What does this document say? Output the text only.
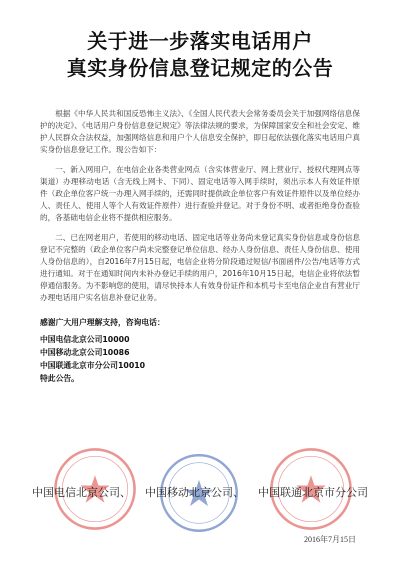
关于进一步落实电话用户
真实身份信息登记规定的公告

根据《中华人民共和国反恐怖主义法》、《全国人民代表大会常务委员会关于加强网络信息保护的决定》、《电话用户身份信息登记规定》等法律法规的要求，为保障国家安全和社会安定、维护人民群众合法权益，加强网络信息和用户个人信息安全保护，即日起依法强化落实电话用户真实身份信息登记工作。现公告如下：

一、新入网用户，在电信企业各类营业网点（含实体营业厅、网上营业厅、授权代理网点等渠道）办理移动电话（含无线上网卡、下同）、固定电话等入网手续时，须出示本人有效证件原件（政企单位客户统一办理入网手续的，还需同时提供政企单位客户有效证件原件以及单位经办人、责任人、使用人等个人有效证件原件）进行查验并登记。对于身份不明、或者拒绝身份查验的，各基础电信企业将不提供相应服务。

二、已在网老用户，若使用的移动电话、固定电话等业务尚未登记真实身份信息或身份信息登记不完整的（政企单位客户尚未完整登记单位信息、经办人身份信息、责任人身份信息、使用人身份信息的），自2016年7月15日起，电信企业将分阶段通过短信/书面函件/公告/电话等方式进行通知。对于在通知时间内未补办登记手续的用户，2016年10月15日起，电信企业将依法暂停通信服务。为不影响您的使用，请尽快持本人有效身份证件和本机号卡至电信企业自有营业厅办理电话用户实名信息补登记业务。

感谢广大用户理解支持，咨询电话：
中国电信北京公司10000
中国移动北京公司10086
中国联通北京市分公司10010
特此公告。
中国电信北京公司、 中国移动北京公司、 中国联通北京市分公司
2016年7月15日
